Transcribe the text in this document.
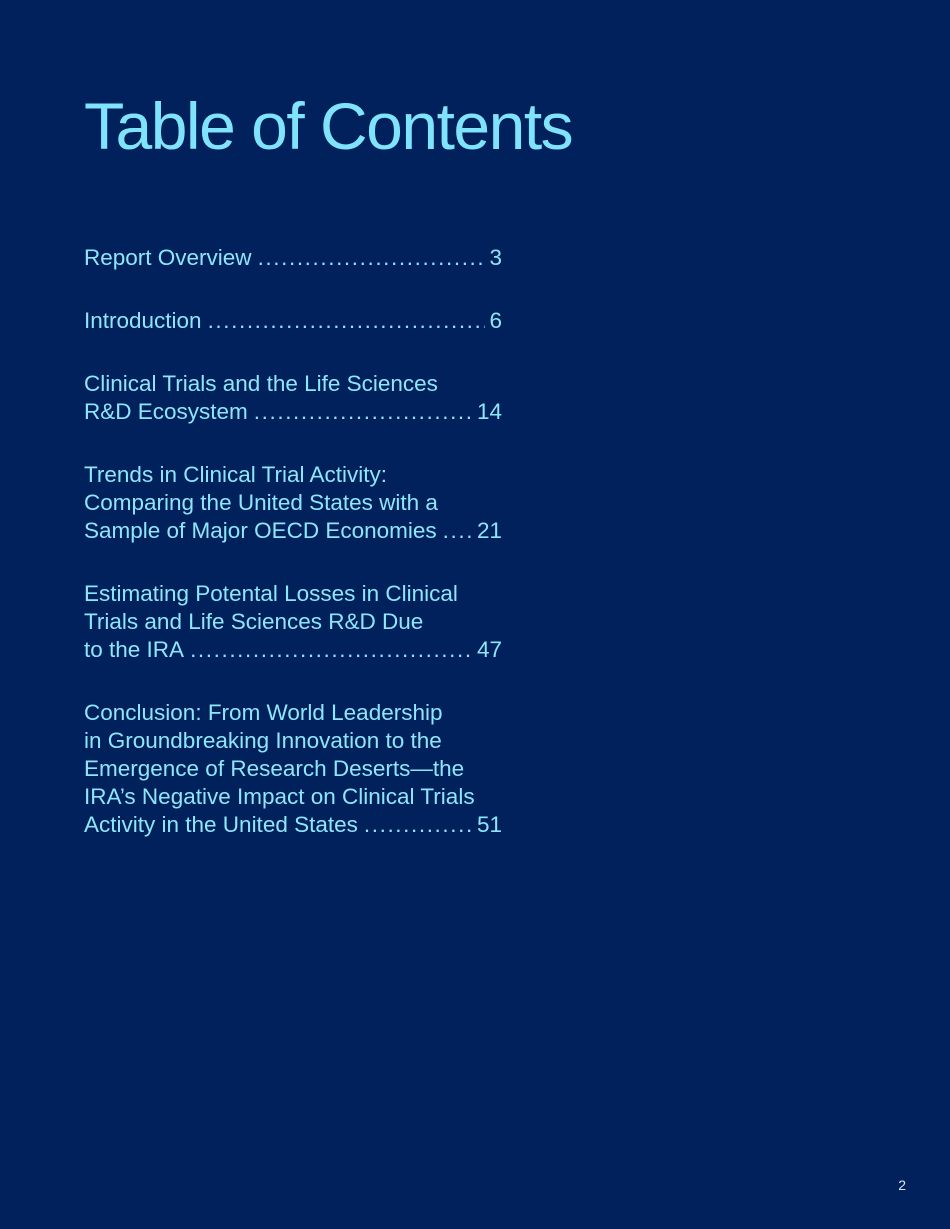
Table of Contents
Report Overview .....	3
Introduction .....	6
Clinical Trials and the Life Sciences
R&D Ecosystem .....	14
Trends in Clinical Trial Activity:
Comparing the United States with a
Sample of Major OECD Economies ..... 21
Estimating Potental Losses in Clinical
Trials and Life Sciences R&D Due
to the IRA .....	47
Conclusion: From World Leadership
in Groundbreaking Innovation to the
Emergence of Research Deserts—the
IRA’s Negative Impact on Clinical Trials
Activity in the United States .....	51
2
